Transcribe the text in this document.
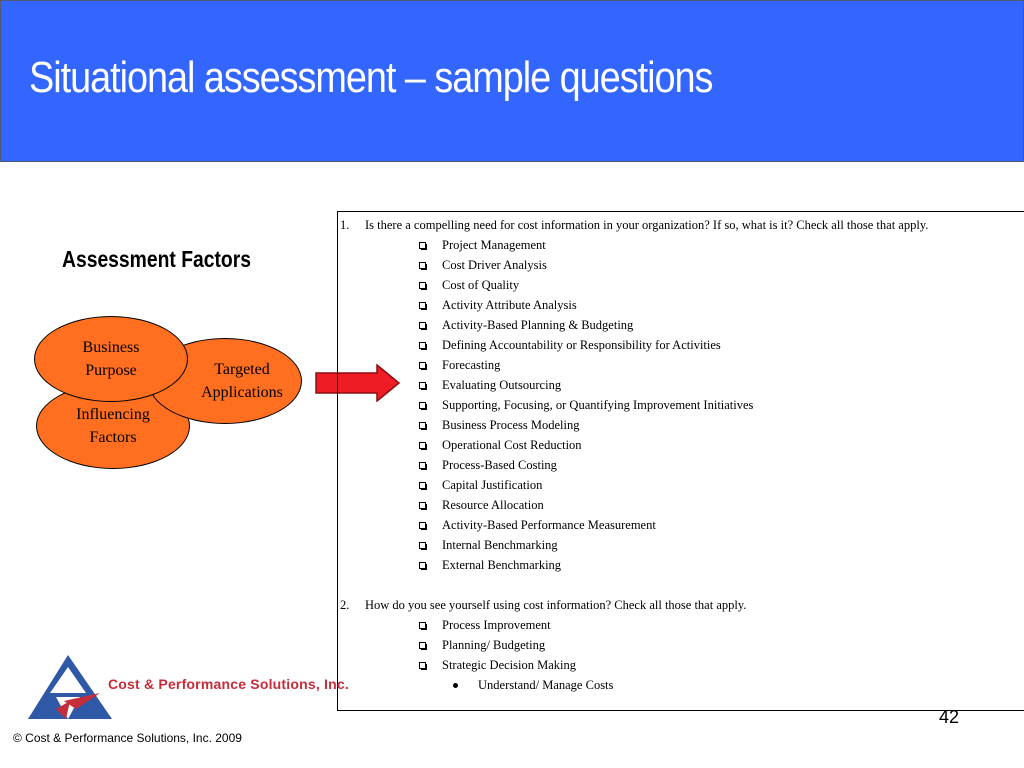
Situational assessment – sample questions
Assessment Factors
Influencing
Factors
Targeted
Applications
Business
Purpose
1. Is there a compelling need for cost information in your organization? If so, what is it? Check all those that apply.
Project Management
Cost Driver Analysis
Cost of Quality
Activity Attribute Analysis
Activity-Based Planning & Budgeting
Defining Accountability or Responsibility for Activities
Forecasting
Evaluating Outsourcing
Supporting, Focusing, or Quantifying Improvement Initiatives
Business Process Modeling
Operational Cost Reduction
Process-Based Costing
Capital Justification
Resource Allocation
Activity-Based Performance Measurement
Internal Benchmarking
External Benchmarking
2. How do you see yourself using cost information? Check all those that apply.
Process Improvement
Planning/ Budgeting
Strategic Decision Making
Understand/ Manage Costs
Cost & Performance Solutions, Inc.
42
© Cost & Performance Solutions, Inc. 2009
